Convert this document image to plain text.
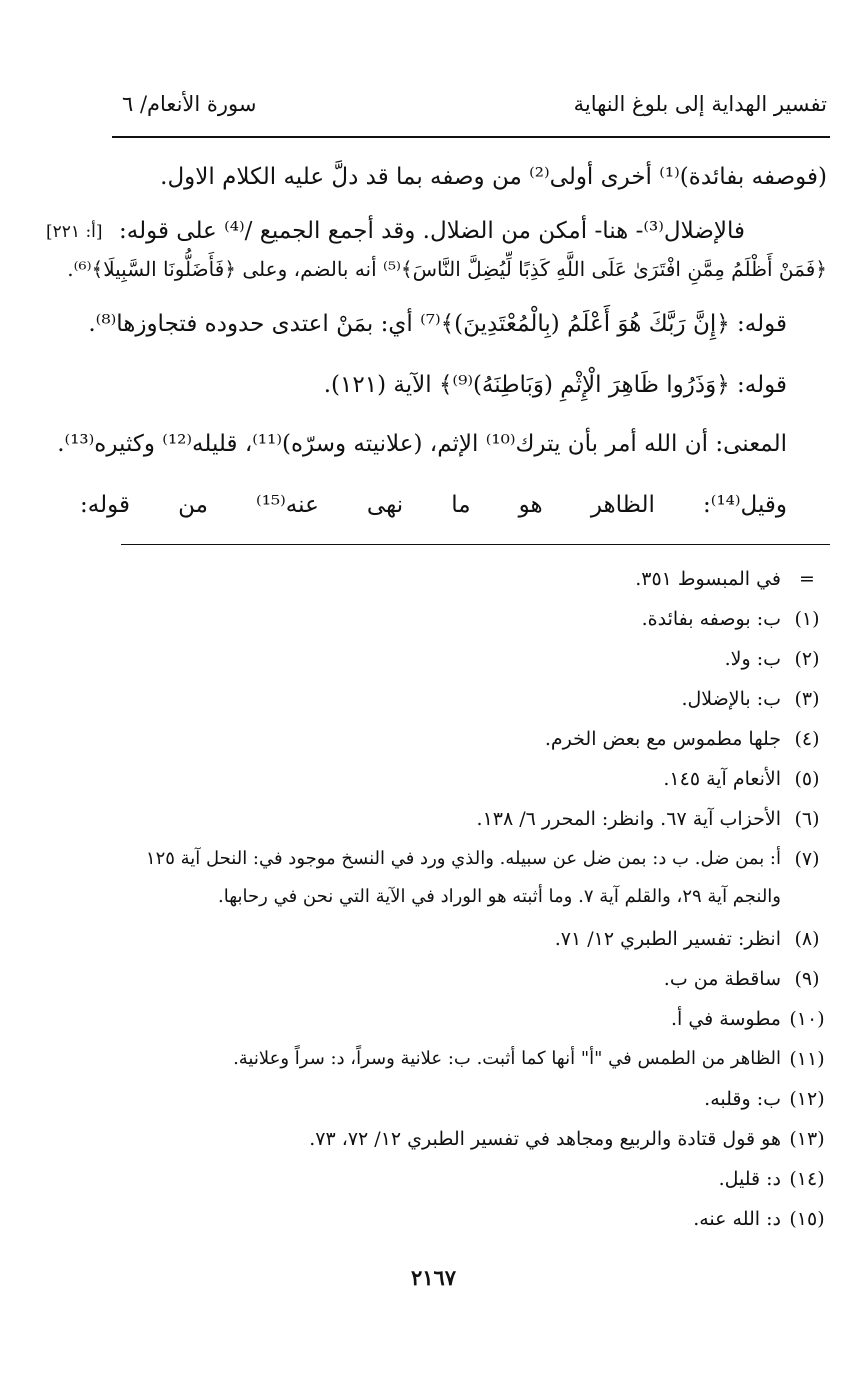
تفسير الهداية إلى بلوغ النهاية
سورة الأنعام/ ٦
(فوصفه بفائدة)⁽¹⁾ أخرى أولى⁽²⁾ من وصفه بما قد دلَّ عليه الكلام الاول.
فالإضلال⁽³⁾- هنا- أمكن من الضلال. وقد أجمع الجميع /⁽⁴⁾ على قوله:
[أ: ٢٢١]
﴿فَمَنْ أَظْلَمُ مِمَّنِ افْتَرَىٰ عَلَى اللَّهِ كَذِبًا لِّيُضِلَّ النَّاسَ﴾⁽⁵⁾ أنه بالضم، وعلى ﴿فَأَضَلُّونَا السَّبِيلَا﴾⁽⁶⁾.
قوله: ﴿إِنَّ رَبَّكَ هُوَ أَعْلَمُ (بِالْمُعْتَدِينَ)﴾⁽⁷⁾ أي: بمَنْ اعتدى حدوده فتجاوزها⁽⁸⁾.
قوله: ﴿وَذَرُوا ظَاهِرَ الْإِثْمِ (وَبَاطِنَهُ)⁽⁹⁾﴾ الآية (١٢١).
المعنى: أن الله أمر بأن يترك⁽¹⁰⁾ الإثم، (علانيته وسرّه)⁽¹¹⁾، قليله⁽¹²⁾ وكثيره⁽¹³⁾.
وقيل⁽¹⁴⁾: الظاهر هو ما نهى عنه⁽¹⁵⁾ من قوله:
=
في المبسوط ٣٥١.
(١)
ب: بوصفه بفائدة.
(٢)
ب: ولا.
(٣)
ب: بالإضلال.
(٤)
جلها مطموس مع بعض الخرم.
(٥)
الأنعام آية ١٤٥.
(٦)
الأحزاب آية ٦٧. وانظر: المحرر ٦/ ١٣٨.
(٧)
أ: بمن ضل. ب د: بمن ضل عن سبيله. والذي ورد في النسخ موجود في: النحل آية ١٢٥
والنجم آية ٢٩، والقلم آية ٧. وما أثبته هو الوراد في الآية التي نحن في رحابها.
(٨)
انظر: تفسير الطبري ١٢/ ٧١.
(٩)
ساقطة من ب.
(١٠)
مطوسة في أ.
(١١)
الظاهر من الطمس في "أ" أنها كما أثبت. ب: علانية وسراً، د: سراً وعلانية.
(١٢)
ب: وقلبه.
(١٣)
هو قول قتادة والربيع ومجاهد في تفسير الطبري ١٢/ ٧٢، ٧٣.
(١٤)
د: قليل.
(١٥)
د: الله عنه.
٢١٦٧
